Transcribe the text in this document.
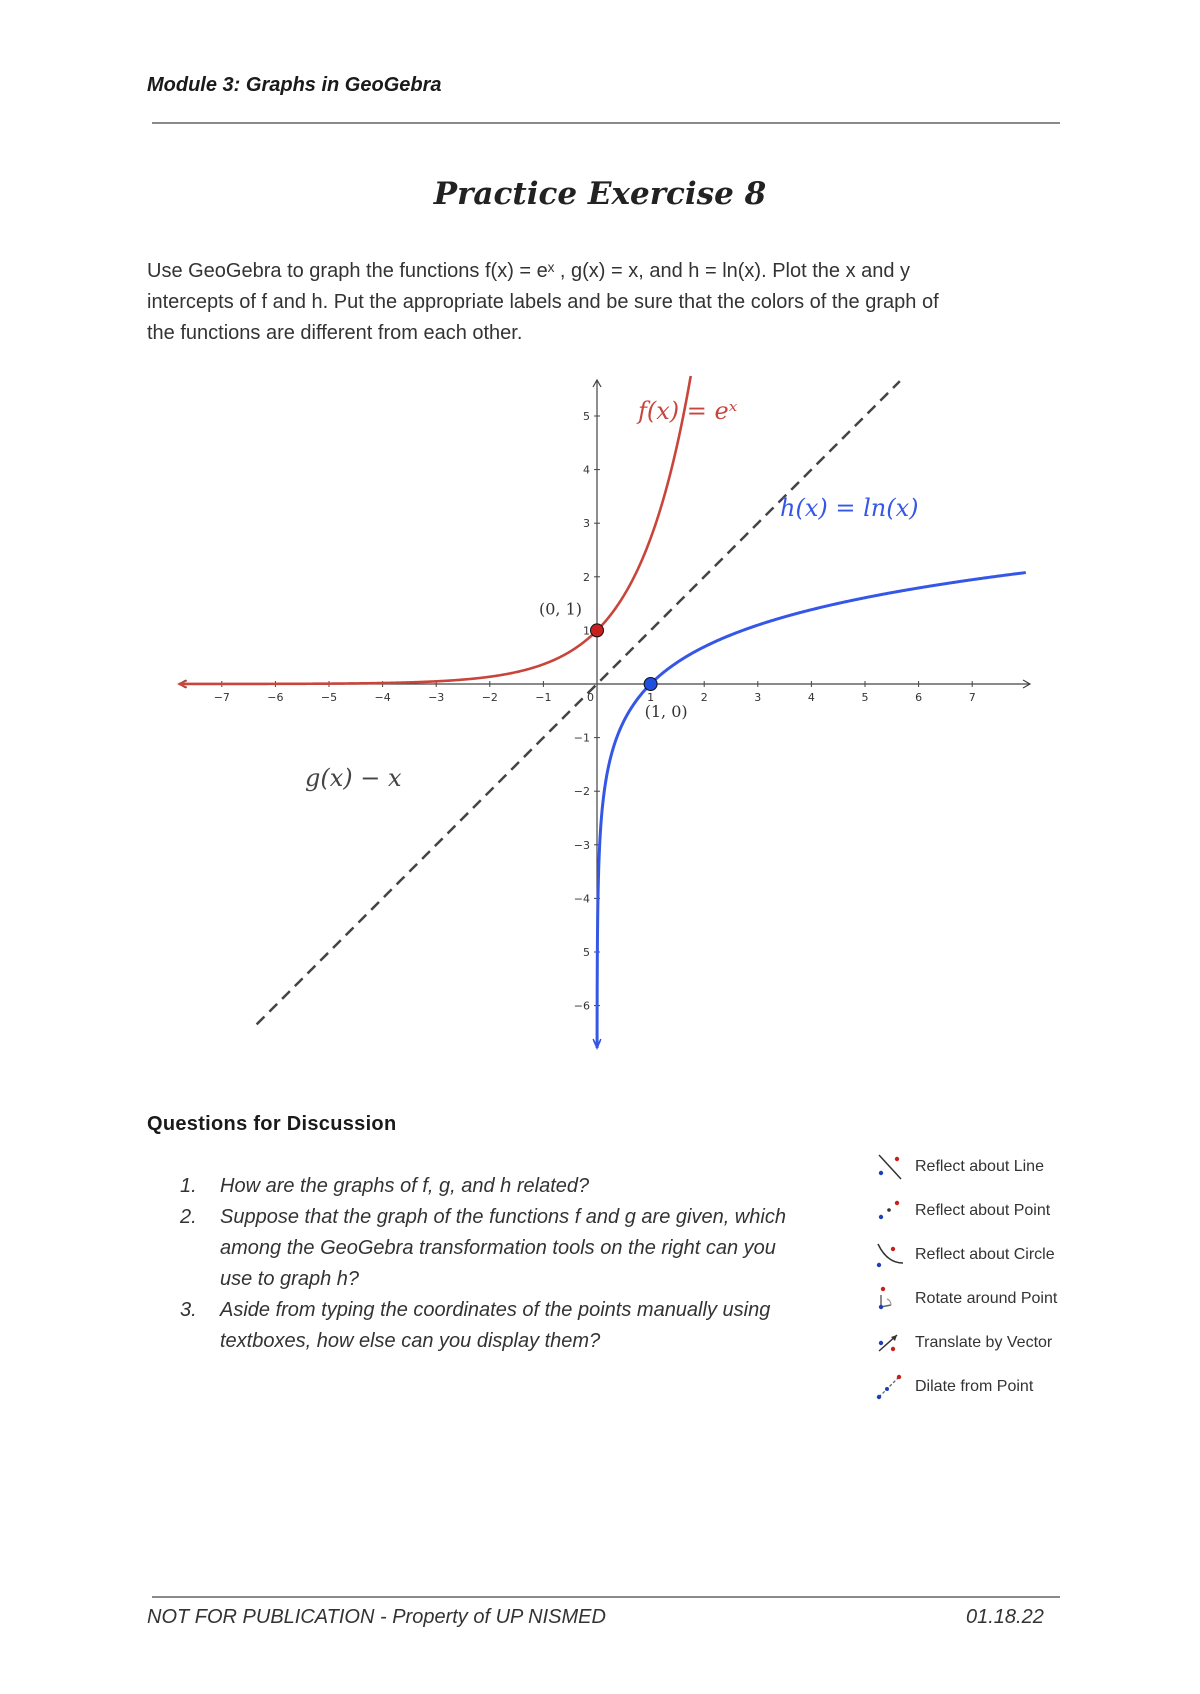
Module 3: Graphs in GeoGebra
Practice Exercise 8

Use GeoGebra to graph the functions f(x) = eˣ , g(x) = x, and h = ln(x). Plot the x and y

intercepts of f and h. Put the appropriate labels and be sure that the colors of the graph of

the functions are different from each other.

−7	−6	−5	−4	−3	−2	−1	1	2	3	4	5	6	7
−6
5
−4
−3
−2
−1
1
2
3
4
5
0
f(x) = eˣ
h(x) = ln(x)
g(x) − x
(0, 1)
(1, 0)
Questions for Discussion
1. How are the graphs of f, g, and h related?
2. Suppose that the graph of the functions f and g are given, which
among the GeoGebra transformation tools on the right can you
use to graph h?
3. Aside from typing the coordinates of the points manually using
textboxes, how else can you display them?
Reflect about Line
Reflect about Point
Reflect about Circle
Rotate around Point
Translate by Vector
Dilate from Point
NOT FOR PUBLICATION - Property of UP NISMED	01.18.22
